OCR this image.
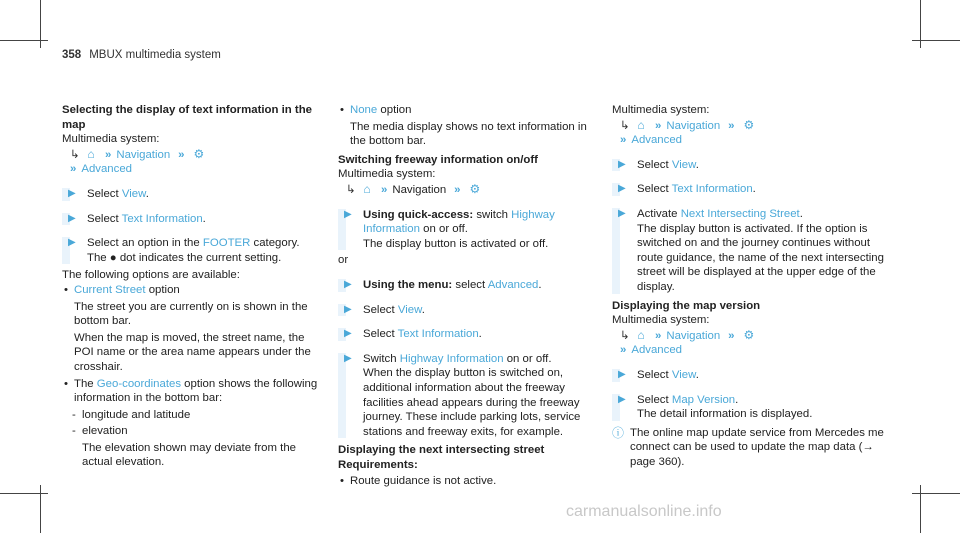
358 MBUX multimedia system

Selecting the display of text information in the map

Multimedia system:

↳ ⌂ » Navigation » ⚙

» Advanced

▶ Select View.
▶ Select Text Information.
▶ Select an option in the FOOTER category.
The ● dot indicates the current setting.

The following options are available:

• Current Street option

The street you are currently on is shown in the bottom bar.

When the map is moved, the street name, the POI name or the area name appears under the crosshair.

• The Geo-coordinates option shows the following information in the bottom bar:
- longitude and latitude
- elevation

The elevation shown may deviate from the actual elevation.

• None option

The media display shows no text information in the bottom bar.

Switching freeway information on/off

Multimedia system:

↳ ⌂ » Navigation » ⚙

▶ Using quick-access: switch Highway Information on or off.
The display button is activated or off.

or

▶ Using the menu: select Advanced.
▶ Select View.
▶ Select Text Information.
▶ Switch Highway Information on or off.
When the display button is switched on, additional information about the freeway facilities ahead appears during the freeway journey. These include parking lots, service stations and freeway exits, for example.

Displaying the next intersecting street

Requirements:

• Route guidance is not active.

Multimedia system:

↳ ⌂ » Navigation » ⚙

» Advanced

▶ Select View.
▶ Select Text Information.
▶ Activate Next Intersecting Street.
The display button is activated. If the option is switched on and the journey continues without route guidance, the name of the next intersecting street will be displayed at the upper edge of the display.

Displaying the map version

Multimedia system:

↳ ⌂ » Navigation » ⚙

» Advanced

▶ Select View.
▶ Select Map Version.
The detail information is displayed.
ⓘ The online map update service from Mercedes me connect can be used to update the map data (→ page 360).
carmanualsonline.info
